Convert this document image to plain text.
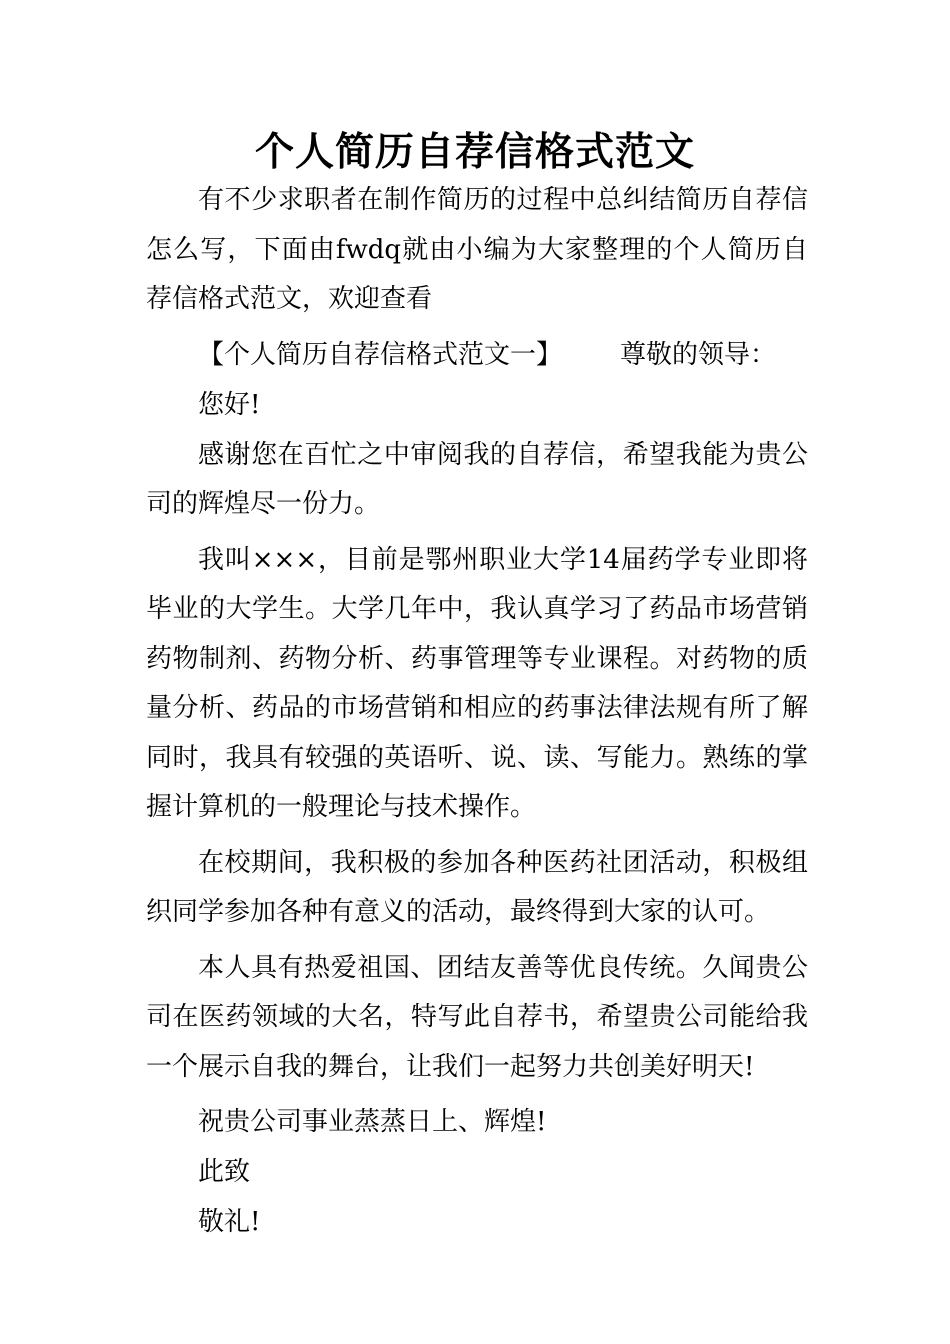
个人简历自荐信格式范文

有不少求职者在制作简历的过程中总纠结简历自荐信怎么写，下面由fwdq就由小编为大家整理的个人简历自荐信格式范文，欢迎查看

【个人简历自荐信格式范文一】 尊敬的领导：

您好!

感谢您在百忙之中审阅我的自荐信，希望我能为贵公司的辉煌尽一份力。

我叫×××，目前是鄂州职业大学14届药学专业即将毕业的大学生。大学几年中，我认真学习了药品市场营销药物制剂、药物分析、药事管理等专业课程。对药物的质量分析、药品的市场营销和相应的药事法律法规有所了解同时，我具有较强的英语听、说、读、写能力。熟练的掌握计算机的一般理论与技术操作。

在校期间，我积极的参加各种医药社团活动，积极组织同学参加各种有意义的活动，最终得到大家的认可。

本人具有热爱祖国、团结友善等优良传统。久闻贵公司在医药领域的大名，特写此自荐书，希望贵公司能给我一个展示自我的舞台，让我们一起努力共创美好明天!

祝贵公司事业蒸蒸日上、辉煌!

此致

敬礼!
